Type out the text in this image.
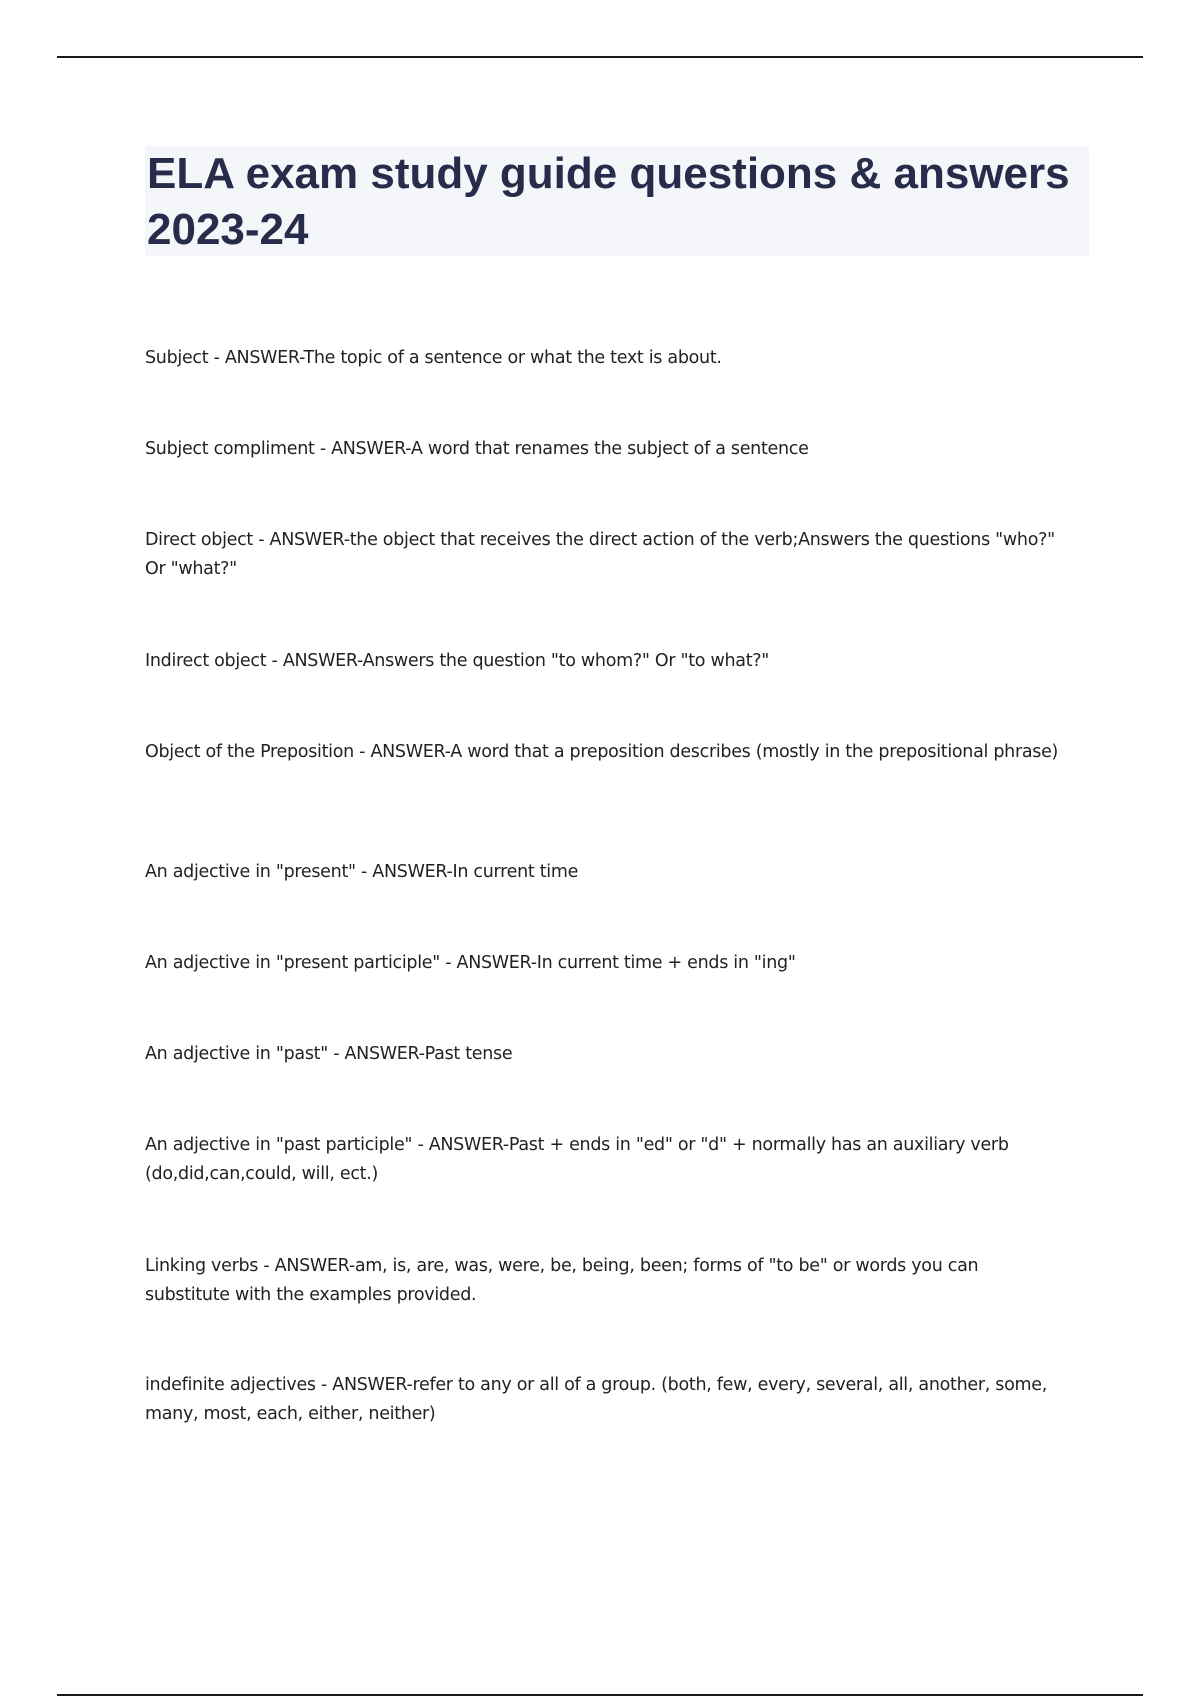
ELA exam study guide questions & answers 2023-24
Subject - ANSWER-The topic of a sentence or what the text is about.
Subject compliment - ANSWER-A word that renames the subject of a sentence
Direct object - ANSWER-the object that receives the direct action of the verb;Answers the questions "who?" Or "what?"
Indirect object - ANSWER-Answers the question "to whom?" Or "to what?"
Object of the Preposition - ANSWER-A word that a preposition describes (mostly in the prepositional phrase)
An adjective in "present" - ANSWER-In current time
An adjective in "present participle" - ANSWER-In current time + ends in "ing"
An adjective in "past" - ANSWER-Past tense
An adjective in "past participle" - ANSWER-Past + ends in "ed" or "d" + normally has an auxiliary verb (do,did,can,could, will, ect.)
Linking verbs - ANSWER-am, is, are, was, were, be, being, been; forms of "to be" or words you can substitute with the examples provided.
indefinite adjectives - ANSWER-refer to any or all of a group. (both, few, every, several, all, another, some, many, most, each, either, neither)
